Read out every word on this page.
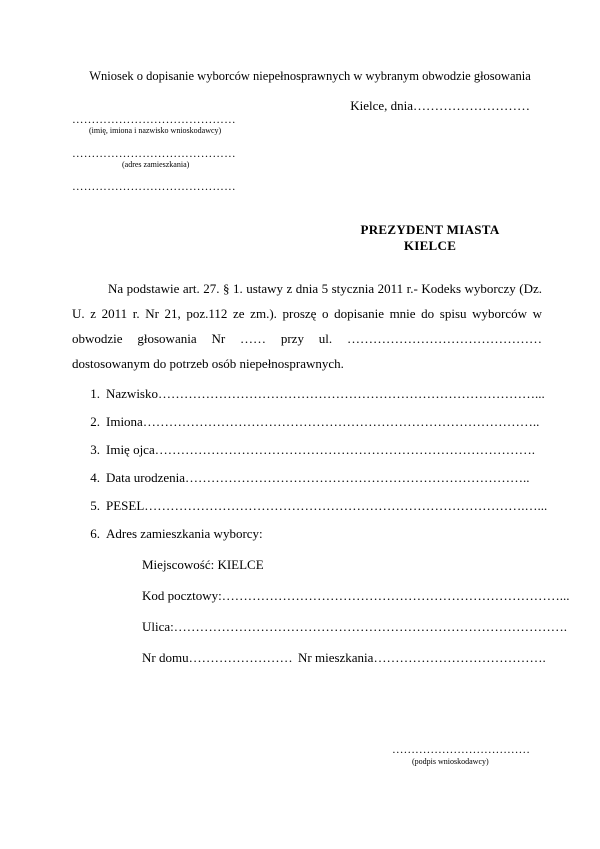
Wniosek o dopisanie wyborców niepełnosprawnych w wybranym obwodzie głosowania
Kielce, dnia………………………
……………………………………
(imię, imiona i nazwisko wnioskodawcy)
……………………………………
(adres zamieszkania)
……………………………………
PREZYDENT MIASTA
KIELCE
Na podstawie art. 27. § 1. ustawy z dnia 5 stycznia 2011 r.- Kodeks wyborczy (Dz. U. z 2011 r. Nr 21, poz.112 ze zm.). proszę o dopisanie mnie do spisu wyborców w obwodzie głosowania Nr …… przy ul. ……………………………………… dostosowanym do potrzeb osób niepełnosprawnych.
1. Nazwisko……………………………………………………………………………...
2. Imiona………………………………………………………………………………..
3. Imię ojca…………………………………………………………………………….
4. Data urodzenia……………………………………………………………………..
5. PESEL…………………………………………………………………………….…...
6. Adres zamieszkania wyborcy:
Miejscowość: KIELCE
Kod pocztowy:……………………………………………………………………...
Ulica:……………………………………………………………………………….
Nr domu…………………… Nr mieszkania………………………………….
………………………………
(podpis wnioskodawcy)
